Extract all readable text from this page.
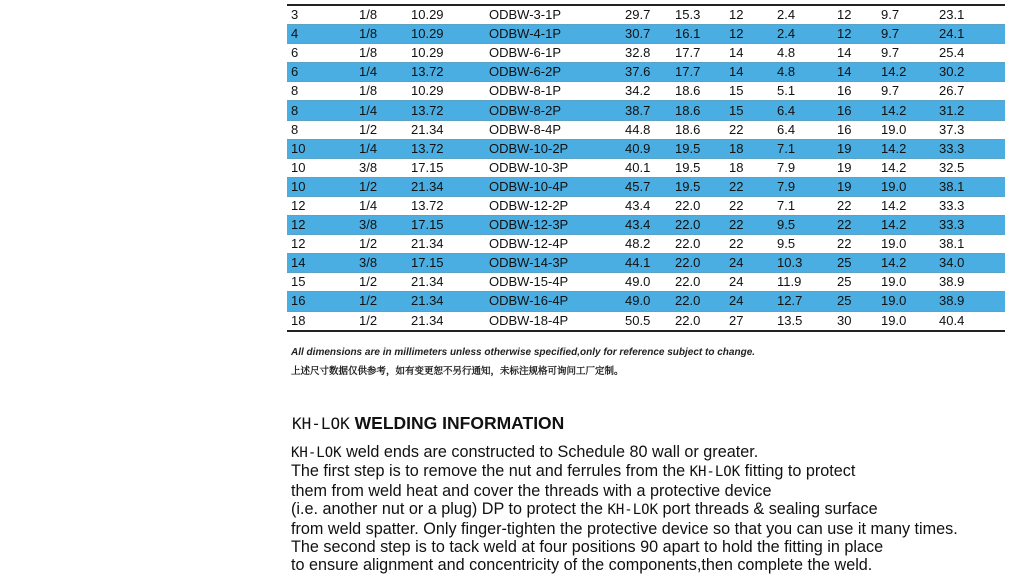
3	1/8	10.29	ODBW-3-1P	29.7	15.3	12	2.4	12	9.7	23.1
4	1/8	10.29	ODBW-4-1P	30.7	16.1	12	2.4	12	9.7	24.1
6	1/8	10.29	ODBW-6-1P	32.8	17.7	14	4.8	14	9.7	25.4
6	1/4	13.72	ODBW-6-2P	37.6	17.7	14	4.8	14	14.2	30.2
8	1/8	10.29	ODBW-8-1P	34.2	18.6	15	5.1	16	9.7	26.7
8	1/4	13.72	ODBW-8-2P	38.7	18.6	15	6.4	16	14.2	31.2
8	1/2	21.34	ODBW-8-4P	44.8	18.6	22	6.4	16	19.0	37.3
10	1/4	13.72	ODBW-10-2P	40.9	19.5	18	7.1	19	14.2	33.3
10	3/8	17.15	ODBW-10-3P	40.1	19.5	18	7.9	19	14.2	32.5
10	1/2	21.34	ODBW-10-4P	45.7	19.5	22	7.9	19	19.0	38.1
12	1/4	13.72	ODBW-12-2P	43.4	22.0	22	7.1	22	14.2	33.3
12	3/8	17.15	ODBW-12-3P	43.4	22.0	22	9.5	22	14.2	33.3
12	1/2	21.34	ODBW-12-4P	48.2	22.0	22	9.5	22	19.0	38.1
14	3/8	17.15	ODBW-14-3P	44.1	22.0	24	10.3	25	14.2	34.0
15	1/2	21.34	ODBW-15-4P	49.0	22.0	24	11.9	25	19.0	38.9
16	1/2	21.34	ODBW-16-4P	49.0	22.0	24	12.7	25	19.0	38.9
18	1/2	21.34	ODBW-18-4P	50.5	22.0	27	13.5	30	19.0	40.4
All dimensions are in millimeters unless otherwise specified,only for reference subject to change.
上述尺寸数据仅供参考，如有变更恕不另行通知，未标注规格可询问工厂定制。
KH-LOK WELDING INFORMATION
KH-LOK weld ends are constructed to Schedule 80 wall or greater.
The first step is to remove the nut and ferrules from the KH-LOK fitting to protect
them from weld heat and cover the threads with a protective device
(i.e. another nut or a plug) DP to protect the KH-LOK port threads & sealing surface
from weld spatter. Only finger-tighten the protective device so that you can use it many times.
The second step is to tack weld at four positions 90 apart to hold the fitting in place
to ensure alignment and concentricity of the components,then complete the weld.
